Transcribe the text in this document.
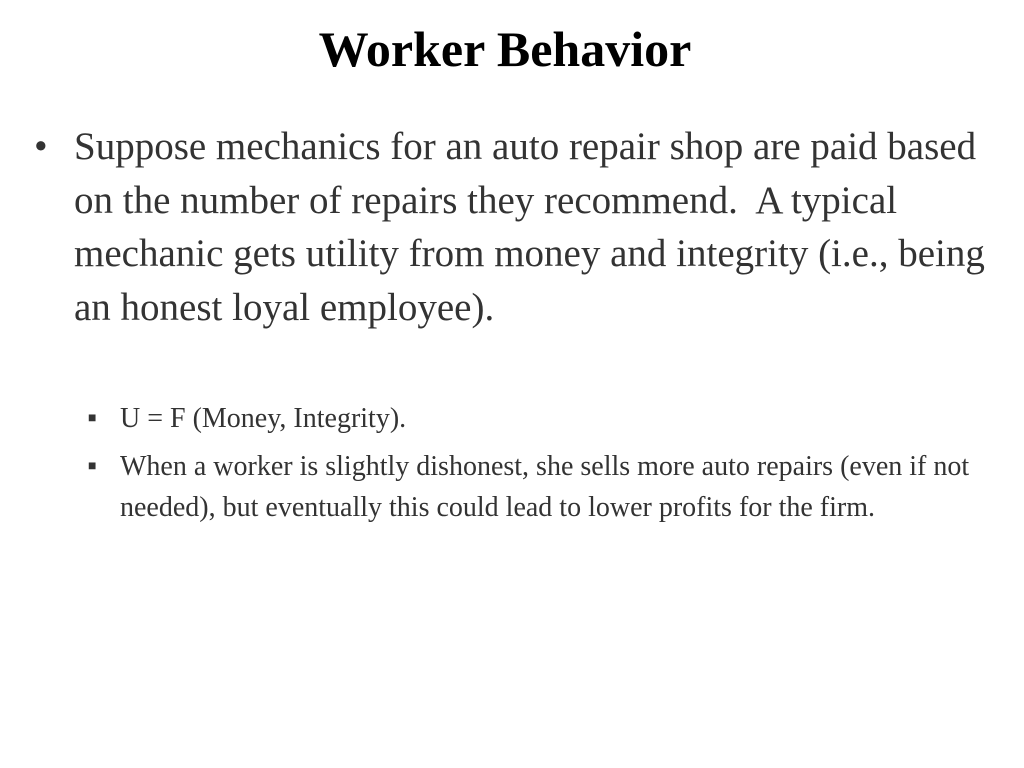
Worker Behavior
• Suppose mechanics for an auto repair shop are paid based on the number of repairs they recommend.  A typical mechanic gets utility from money and integrity (i.e., being an honest loyal employee).
■ U = F (Money, Integrity).
■ When a worker is slightly dishonest, she sells more auto repairs (even if not needed), but eventually this could lead to lower profits for the firm.
